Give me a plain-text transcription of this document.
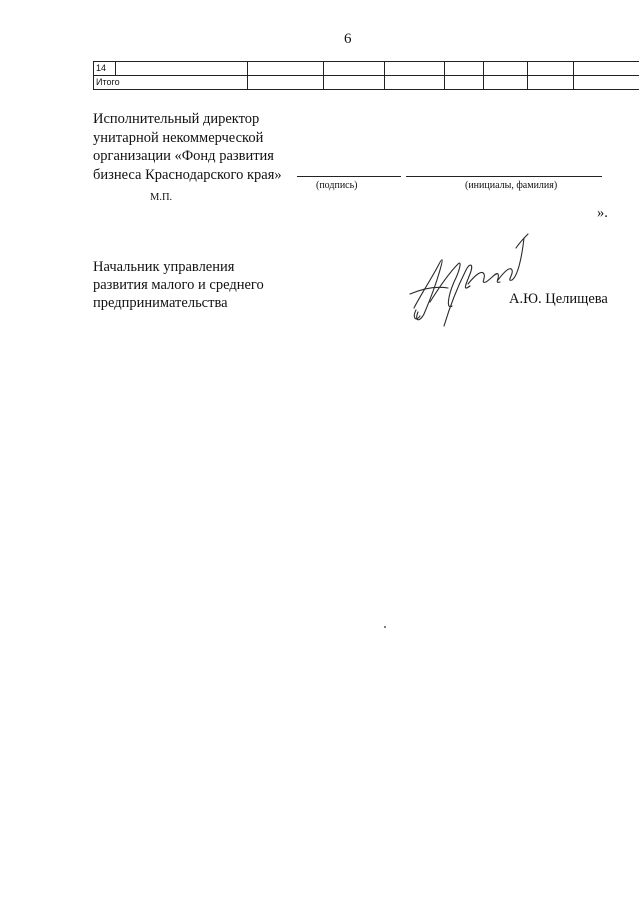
6
14								
Итого								
Исполнительный директор
унитарной некоммерческой
организации «Фонд развития
бизнеса Краснодарского края»
(подпись)	(инициалы, фамилия)
М.П.
».
Начальник управления
развития малого и среднего
предпринимательства	А.Ю. Целищева
